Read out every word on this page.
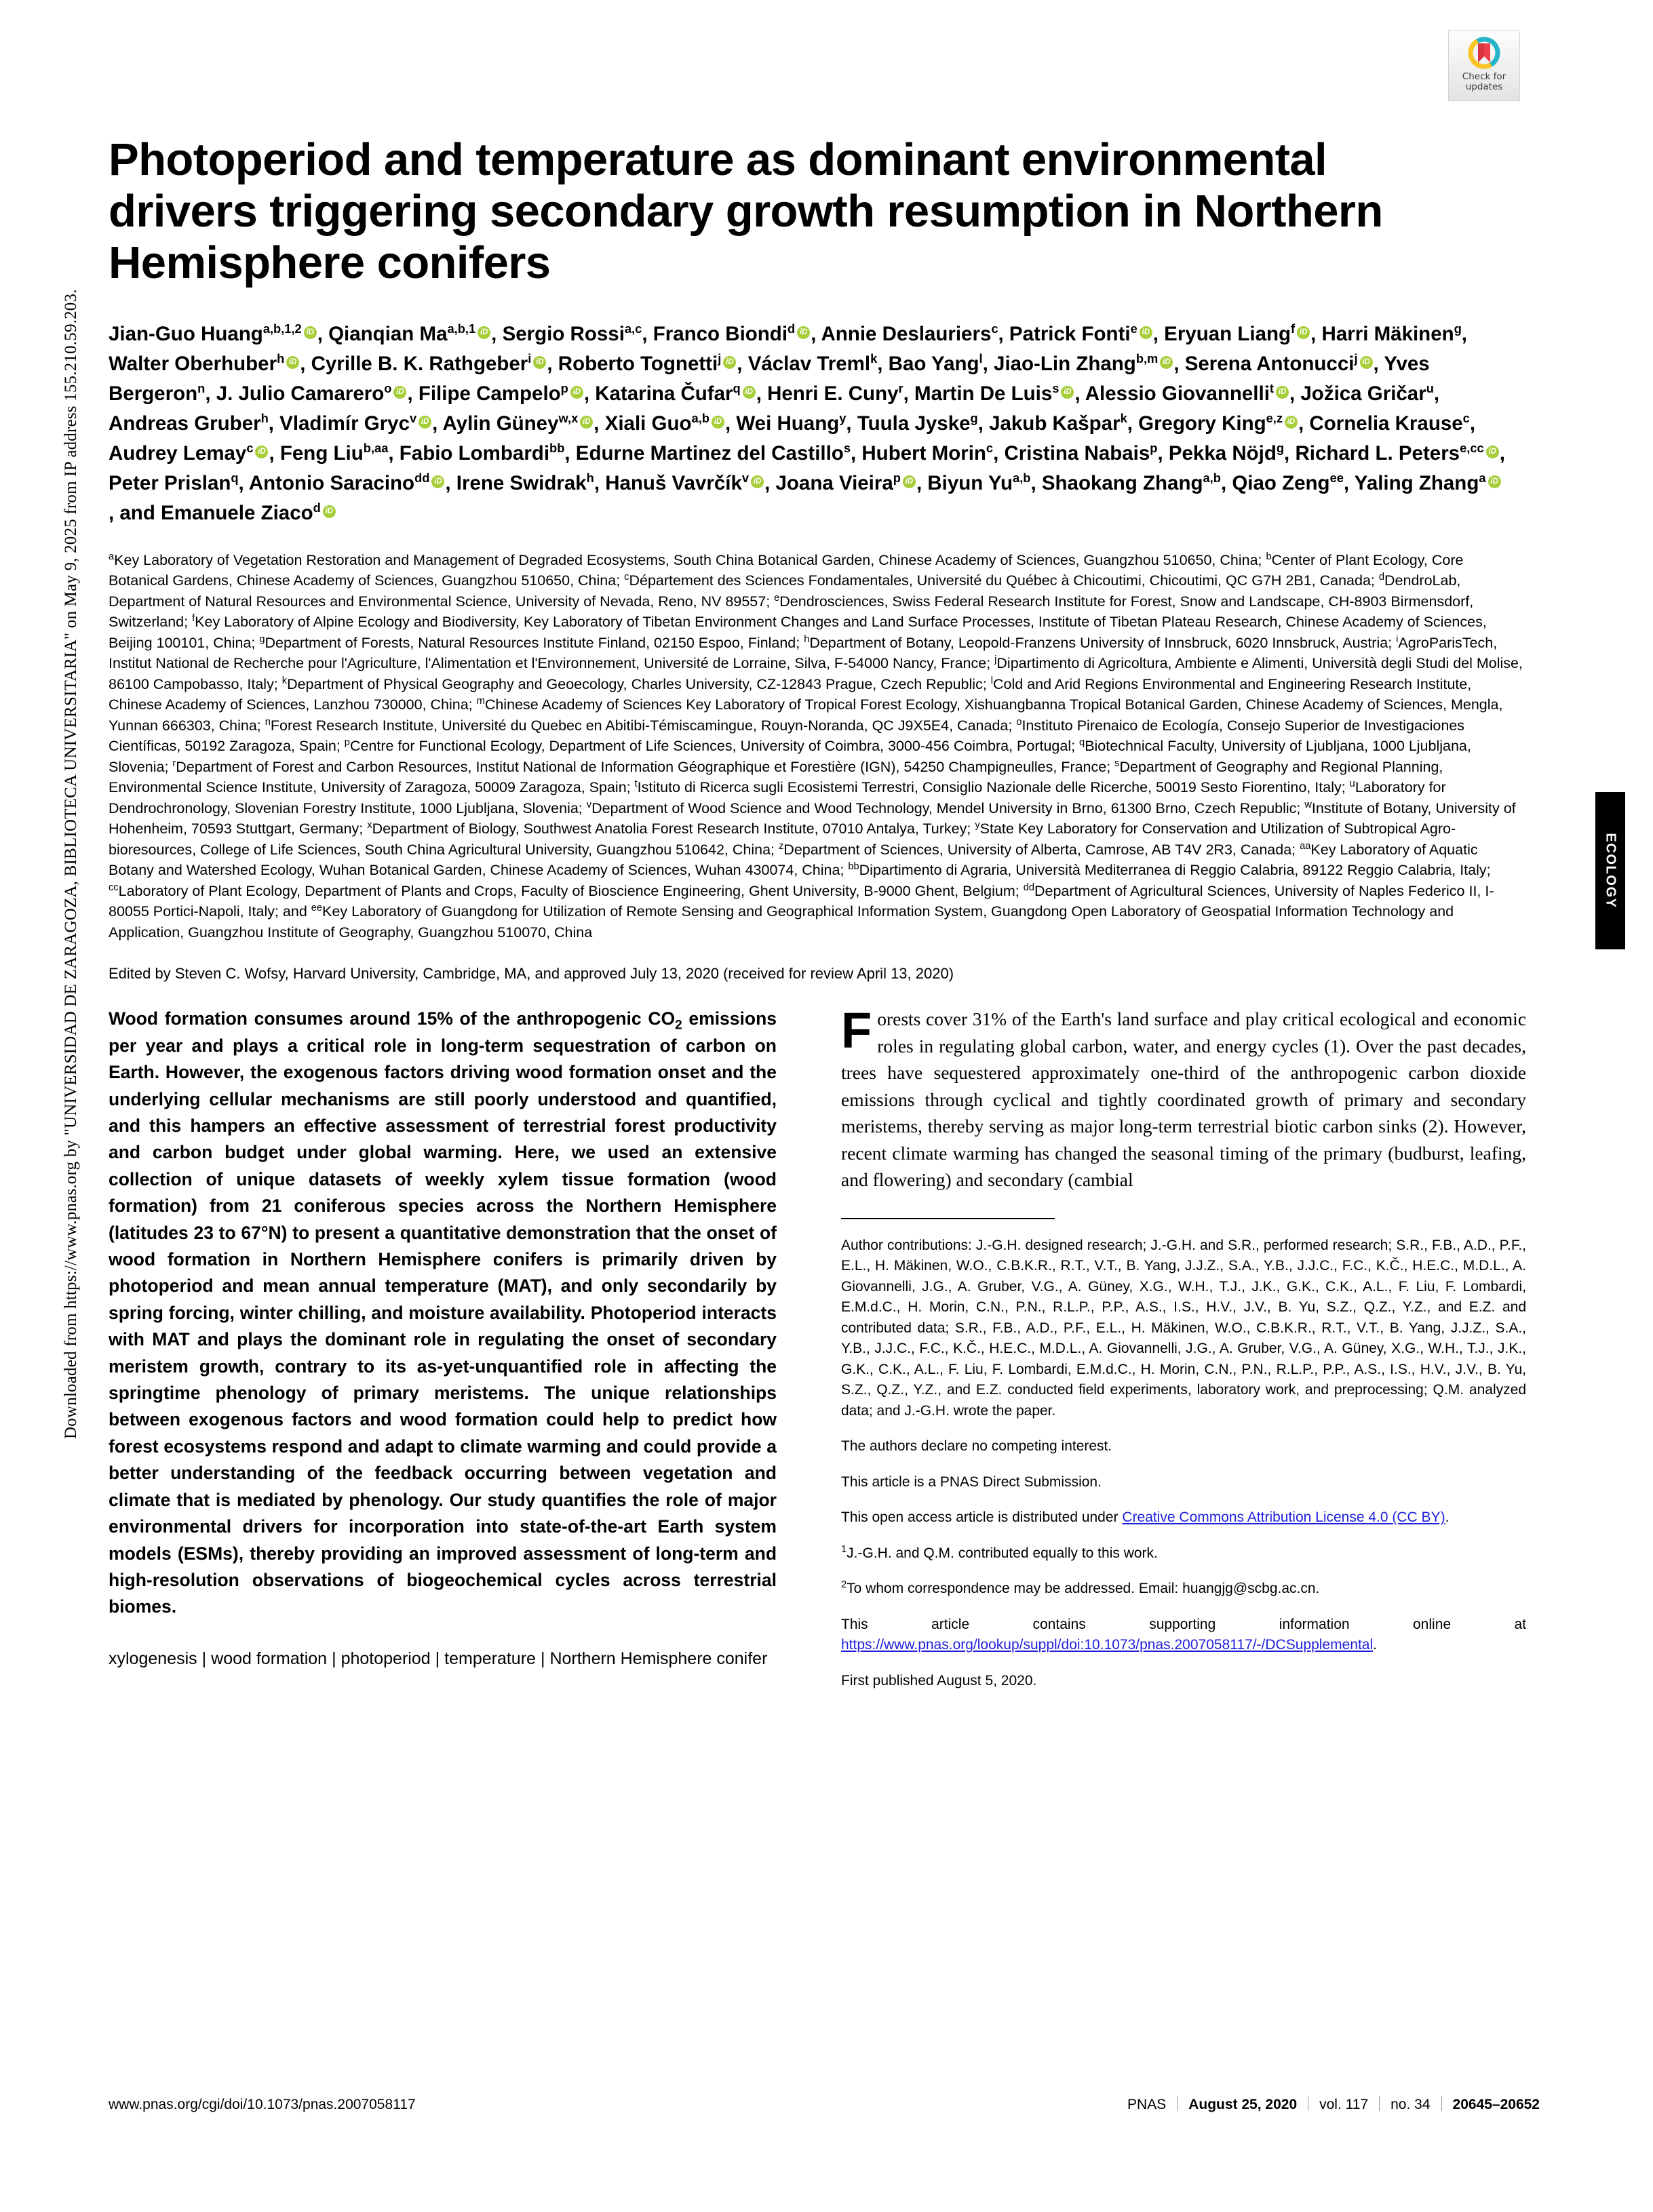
Downloaded from https://www.pnas.org by "UNIVERSIDAD DE ZARAGOZA, BIBLIOTECA UNIVERSITARIA" on May 9, 2025 from IP address 155.210.59.203.
Check for
updates
ECOLOGY
Photoperiod and temperature as dominant environmental drivers triggering secondary growth resumption in Northern Hemisphere conifers
Jian-Guo Huang$^{a,b,1,2}$ iD , Qianqian Ma$^{a,b,1}$ iD , Sergio Rossi$^{a,c}$, Franco Biondi$^d$ iD , Annie Deslauriers$^c$, Patrick Fonti$^e$ iD , Eryuan Liang$^f$iD , Harri Mäkinen$^g$, Walter Oberhuber$^h$ iD , Cyrille B. K. Rathgeber$^i$ iD , Roberto Tognetti$^j$ iD , Václav Treml$^k$, Bao Yang$^l$, Jiao-Lin Zhang$^{b,m}$ iD , Serena Antonucci$^j$ iD , Yves Bergeron$^n$, J. Julio Camarero$^o$ iD , Filipe Campelo$^p$ iD , Katarina Čufar$^q$ iD , Henri E. Cuny$^r$, Martin De Luis$^s$ iD , Alessio Giovannelli$^t$ iD , Jožica Gričar$^u$, Andreas Gruber$^h$, Vladimír Gryc$^v$ iD , Aylin Güney$^{w,x}$ iD , Xiali Guo$^{a,b}$ iD , Wei Huang$^y$, Tuula Jyske$^g$, Jakub Kašpar$^k$, Gregory King$^{e,z}$ iD , Cornelia Krause$^c$, Audrey Lemay$^c$ iD , Feng Liu$^{b,aa}$, Fabio Lombardi$^{bb}$, Edurne Martinez del Castillo$^s$, Hubert Morin$^c$, Cristina Nabais$^p$, Pekka Nöjd$^g$, Richard L. Peters$^{e,cc}$ iD , Peter Prislan$^q$, Antonio Saracino$^{dd}$ iD , Irene Swidrak$^h$, Hanuš Vavrčík$^v$ iD , Joana Vieira$^p$ iD , Biyun Yu$^{a,b}$, Shaokang Zhang$^{a,b}$, Qiao Zeng$^{ee}$, Yaling Zhang$^a$iD, and Emanuele Ziaco$^d$iD
$^a$Key Laboratory of Vegetation Restoration and Management of Degraded Ecosystems, South China Botanical Garden, Chinese Academy of Sciences, Guangzhou 510650, China; $^b$Center of Plant Ecology, Core Botanical Gardens, Chinese Academy of Sciences, Guangzhou 510650, China; $^c$Département des Sciences Fondamentales, Université du Québec à Chicoutimi, Chicoutimi, QC G7H 2B1, Canada; $^d$DendroLab, Department of Natural Resources and Environmental Science, University of Nevada, Reno, NV 89557; $^e$Dendrosciences, Swiss Federal Research Institute for Forest, Snow and Landscape, CH-8903 Birmensdorf, Switzerland; $^f$Key Laboratory of Alpine Ecology and Biodiversity, Key Laboratory of Tibetan Environment Changes and Land Surface Processes, Institute of Tibetan Plateau Research, Chinese Academy of Sciences, Beijing 100101, China; $^g$Department of Forests, Natural Resources Institute Finland, 02150 Espoo, Finland; $^h$Department of Botany, Leopold-Franzens University of Innsbruck, 6020 Innsbruck, Austria; $^i$AgroParisTech, Institut National de Recherche pour l'Agriculture, l'Alimentation et l'Environnement, Université de Lorraine, Silva, F-54000 Nancy, France; $^j$Dipartimento di Agricoltura, Ambiente e Alimenti, Università degli Studi del Molise, 86100 Campobasso, Italy; $^k$Department of Physical Geography and Geoecology, Charles University, CZ-12843 Prague, Czech Republic; $^l$Cold and Arid Regions Environmental and Engineering Research Institute, Chinese Academy of Sciences, Lanzhou 730000, China; $^m$Chinese Academy of Sciences Key Laboratory of Tropical Forest Ecology, Xishuangbanna Tropical Botanical Garden, Chinese Academy of Sciences, Mengla, Yunnan 666303, China; $^n$Forest Research Institute, Université du Quebec en Abitibi-Témiscamingue, Rouyn-Noranda, QC J9X5E4, Canada; $^o$Instituto Pirenaico de Ecología, Consejo Superior de Investigaciones Científicas, 50192 Zaragoza, Spain; $^p$Centre for Functional Ecology, Department of Life Sciences, University of Coimbra, 3000-456 Coimbra, Portugal; $^q$Biotechnical Faculty, University of Ljubljana, 1000 Ljubljana, Slovenia; $^r$Department of Forest and Carbon Resources, Institut National de Information Géographique et Forestière (IGN), 54250 Champigneulles, France; $^s$Department of Geography and Regional Planning, Environmental Science Institute, University of Zaragoza, 50009 Zaragoza, Spain; $^t$Istituto di Ricerca sugli Ecosistemi Terrestri, Consiglio Nazionale delle Ricerche, 50019 Sesto Fiorentino, Italy; $^u$Laboratory for Dendrochronology, Slovenian Forestry Institute, 1000 Ljubljana, Slovenia; $^v$Department of Wood Science and Wood Technology, Mendel University in Brno, 61300 Brno, Czech Republic; $^w$Institute of Botany, University of Hohenheim, 70593 Stuttgart, Germany; $^x$Department of Biology, Southwest Anatolia Forest Research Institute, 07010 Antalya, Turkey; $^y$State Key Laboratory for Conservation and Utilization of Subtropical Agro-bioresources, College of Life Sciences, South China Agricultural University, Guangzhou 510642, China; $^z$Department of Sciences, University of Alberta, Camrose, AB T4V 2R3, Canada; $^{aa}$Key Laboratory of Aquatic Botany and Watershed Ecology, Wuhan Botanical Garden, Chinese Academy of Sciences, Wuhan 430074, China; $^{bb}$Dipartimento di Agraria, Università Mediterranea di Reggio Calabria, 89122 Reggio Calabria, Italy; $^{cc}$Laboratory of Plant Ecology, Department of Plants and Crops, Faculty of Bioscience Engineering, Ghent University, B-9000 Ghent, Belgium; $^{dd}$Department of Agricultural Sciences, University of Naples Federico II, I-80055 Portici-Napoli, Italy; and $^{ee}$Key Laboratory of Guangdong for Utilization of Remote Sensing and Geographical Information System, Guangdong Open Laboratory of Geospatial Information Technology and Application, Guangzhou Institute of Geography, Guangzhou 510070, China
Edited by Steven C. Wofsy, Harvard University, Cambridge, MA, and approved July 13, 2020 (received for review April 13, 2020)
Wood formation consumes around 15% of the anthropogenic $CO_2$ emissions per year and plays a critical role in long-term sequestration of carbon on Earth. However, the exogenous factors driving wood formation onset and the underlying cellular mechanisms are still poorly understood and quantified, and this hampers an effective assessment of terrestrial forest productivity and carbon budget under global warming. Here, we used an extensive collection of unique datasets of weekly xylem tissue formation (wood formation) from 21 coniferous species across the Northern Hemisphere (latitudes 23 to 67°N) to present a quantitative demonstration that the onset of wood formation in Northern Hemisphere conifers is primarily driven by photoperiod and mean annual temperature (MAT), and only secondarily by spring forcing, winter chilling, and moisture availability. Photoperiod interacts with MAT and plays the dominant role in regulating the onset of secondary meristem growth, contrary to its as-yet-unquantified role in affecting the springtime phenology of primary meristems. The unique relationships between exogenous factors and wood formation could help to predict how forest ecosystems respond and adapt to climate warming and could provide a better understanding of the feedback occurring between vegetation and climate that is mediated by phenology. Our study quantifies the role of major environmental drivers for incorporation into state-of-the-art Earth system models (ESMs), thereby providing an improved assessment of long-term and high-resolution observations of biogeochemical cycles across terrestrial biomes.
xylogenesis | wood formation | photoperiod | temperature | Northern Hemisphere conifer
Forests cover 31% of the Earth's land surface and play critical ecological and economic roles in regulating global carbon, water, and energy cycles (1). Over the past decades, trees have sequestered approximately one-third of the anthropogenic carbon dioxide emissions through cyclical and tightly coordinated growth of primary and secondary meristems, thereby serving as major long-term terrestrial biotic carbon sinks (2). However, recent climate warming has changed the seasonal timing of the primary (budburst, leafing, and flowering) and secondary (cambial

Author contributions: J.-G.H. designed research; J.-G.H. and S.R., performed research; S.R., F.B., A.D., P.F., E.L., H. Mäkinen, W.O., C.B.K.R., R.T., V.T., B. Yang, J.J.Z., S.A., Y.B., J.J.C., F.C., K.Č., H.E.C., M.D.L., A. Giovannelli, J.G., A. Gruber, V.G., A. Güney, X.G., W.H., T.J., J.K., G.K., C.K., A.L., F. Liu, F. Lombardi, E.M.d.C., H. Morin, C.N., P.N., R.L.P., P.P., A.S., I.S., H.V., J.V., B. Yu, S.Z., Q.Z., Y.Z., and E.Z. and contributed data; S.R., F.B., A.D., P.F., E.L., H. Mäkinen, W.O., C.B.K.R., R.T., V.T., B. Yang, J.J.Z., S.A., Y.B., J.J.C., F.C., K.Č., H.E.C., M.D.L., A. Giovannelli, J.G., A. Gruber, V.G., A. Güney, X.G., W.H., T.J., J.K., G.K., C.K., A.L., F. Liu, F. Lombardi, E.M.d.C., H. Morin, C.N., P.N., R.L.P., P.P., A.S., I.S., H.V., J.V., B. Yu, S.Z., Q.Z., Y.Z., and E.Z. conducted field experiments, laboratory work, and preprocessing; Q.M. analyzed data; and J.-G.H. wrote the paper.

The authors declare no competing interest.

This article is a PNAS Direct Submission.

This open access article is distributed under Creative Commons Attribution License 4.0 (CC BY).

$^1$J.-G.H. and Q.M. contributed equally to this work.

$^2$To whom correspondence may be addressed. Email: huangjg@scbg.ac.cn.

This article contains supporting information online at https://www.pnas.org/lookup/suppl/doi:10.1073/pnas.2007058117/-/DCSupplemental.

First published August 5, 2020.

www.pnas.org/cgi/doi/10.1073/pnas.2007058117	PNAS August 25, 2020 vol. 117 no. 34 20645–20652
